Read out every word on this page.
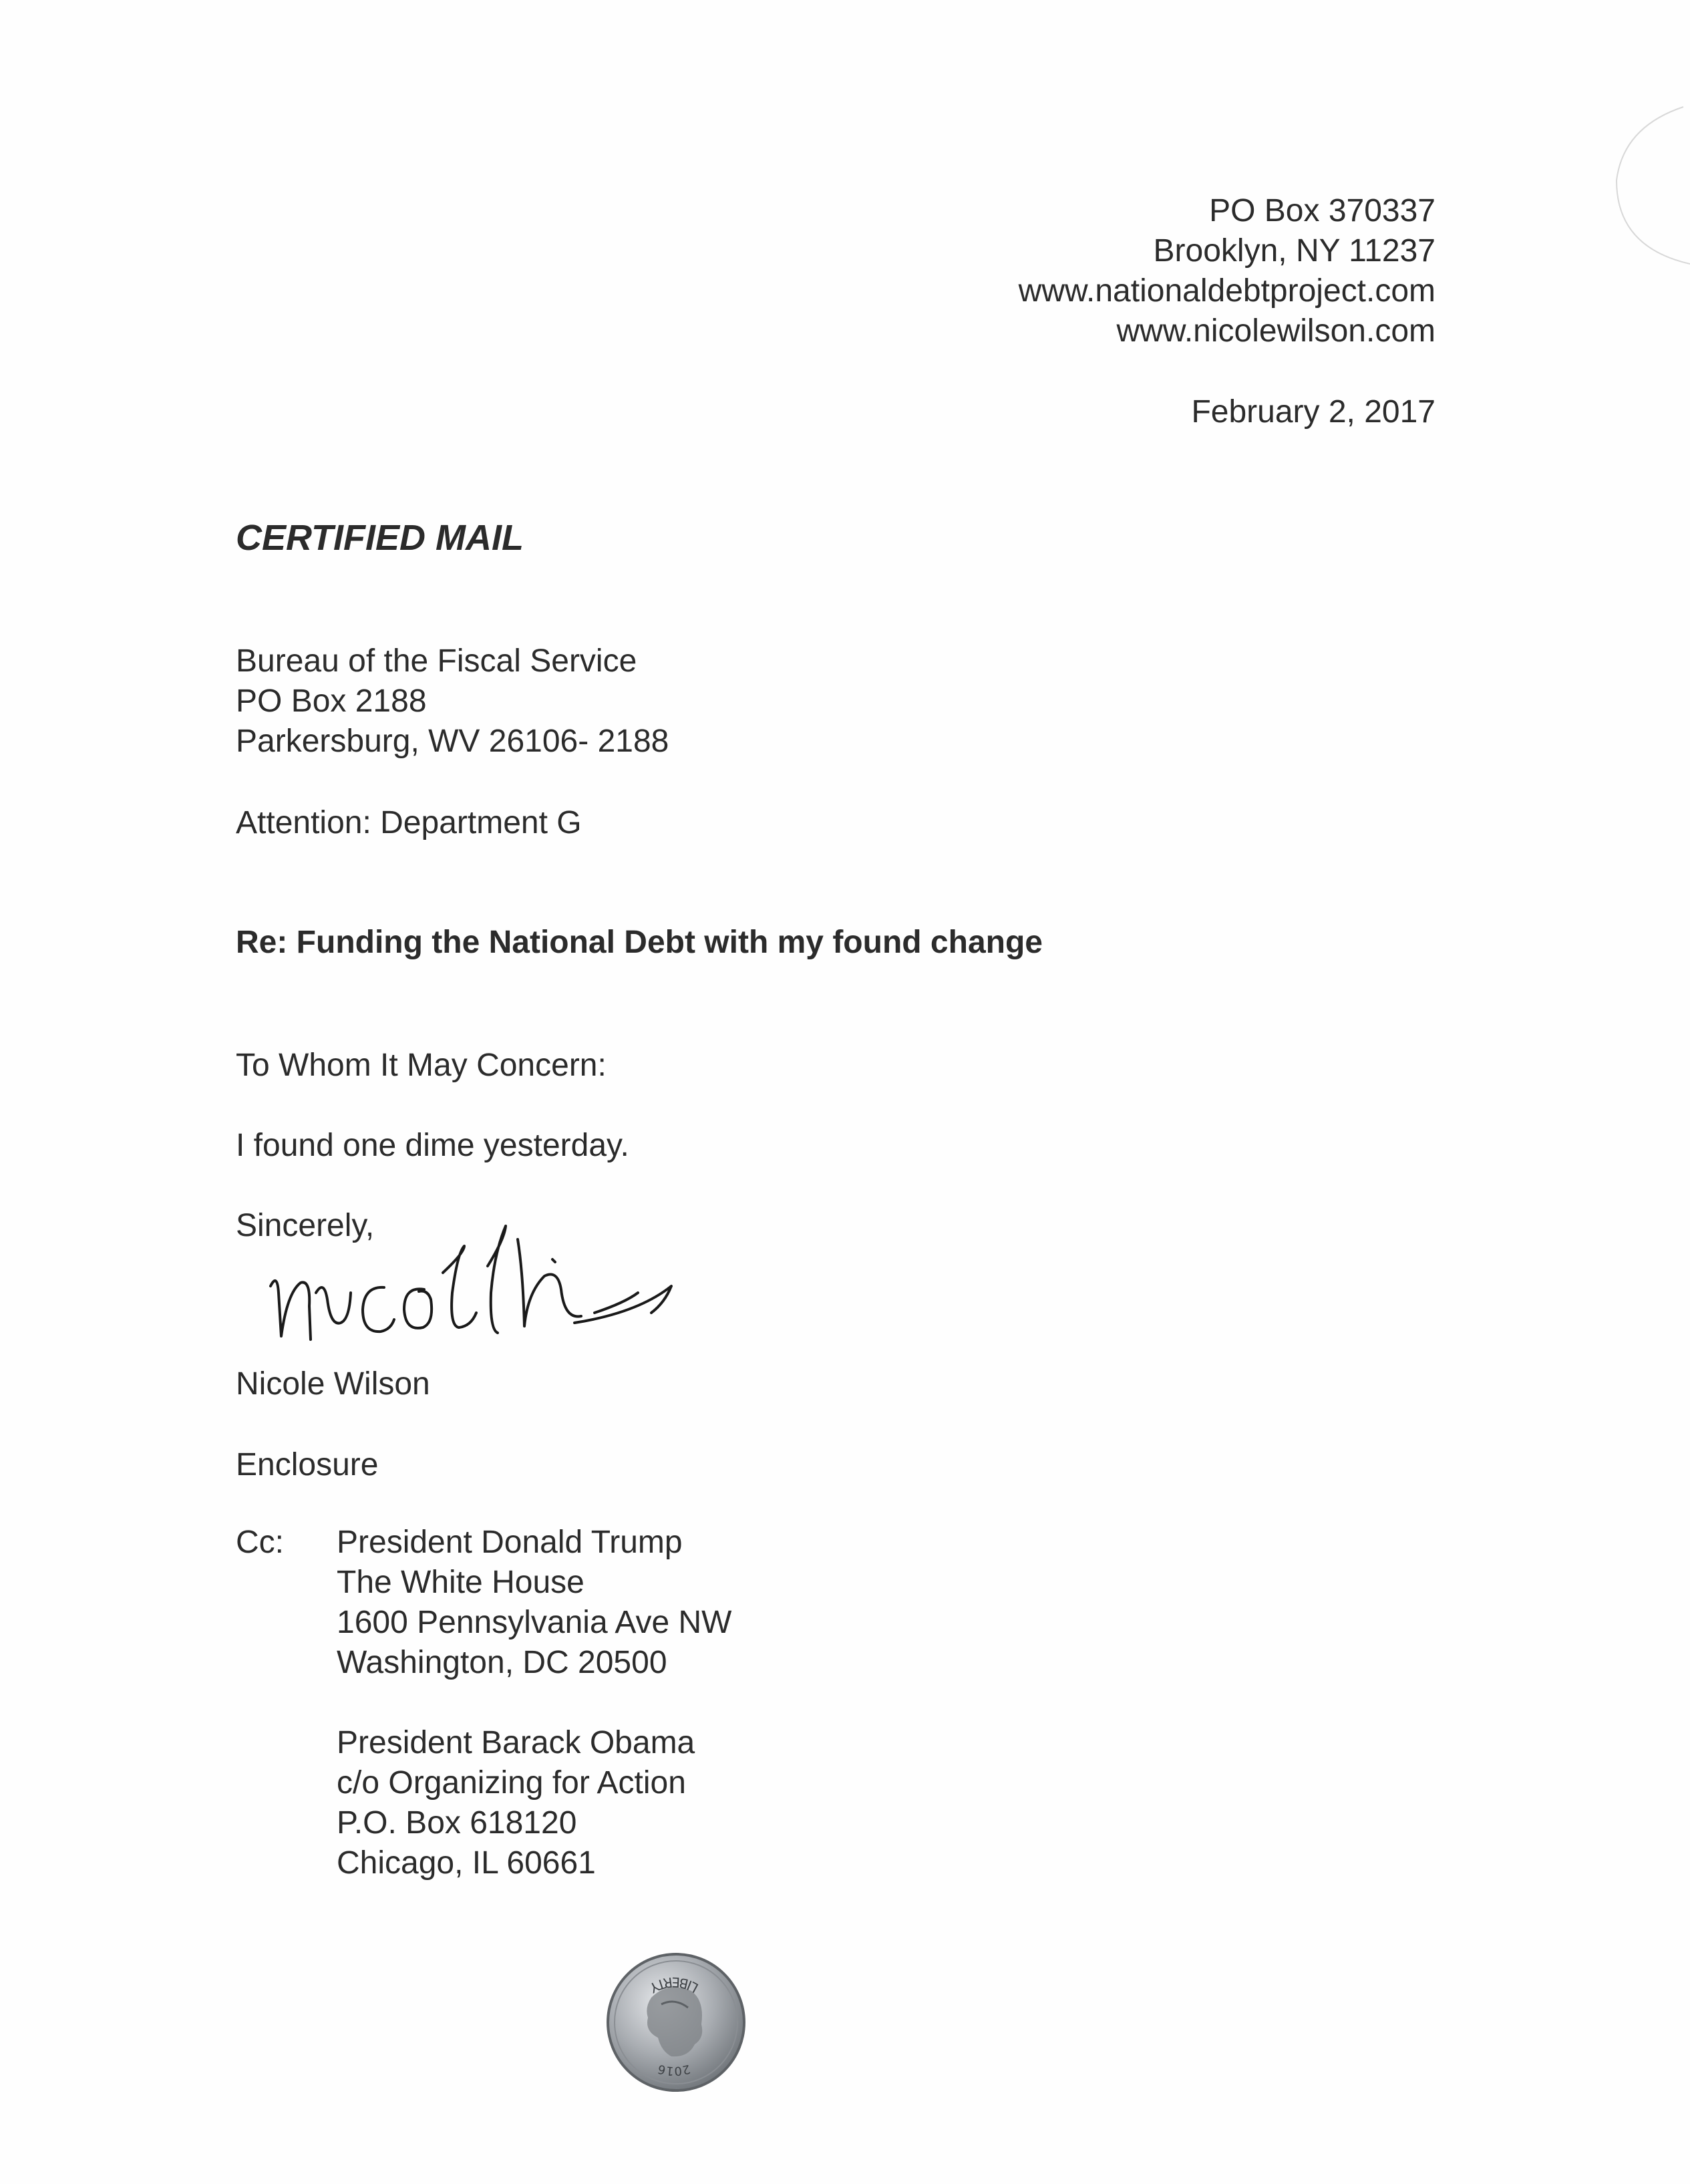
PO Box 370337
Brooklyn, NY 11237
www.nationaldebtproject.com
www.nicolewilson.com
February 2, 2017

CERTIFIED MAIL

Bureau of the Fiscal Service
PO Box 2188
Parkersburg, WV 26106- 2188

Attention: Department G

Re: Funding the National Debt with my found change

To Whom It May Concern:

I found one dime yesterday.

Sincerely,

Nicole Wilson

Enclosure

Cc: President Donald Trump
The White House
1600 Pennsylvania Ave NW
Washington, DC 20500
President Barack Obama
c/o Organizing for Action
P.O. Box 618120
Chicago, IL 60661
2016
LIBERTY
